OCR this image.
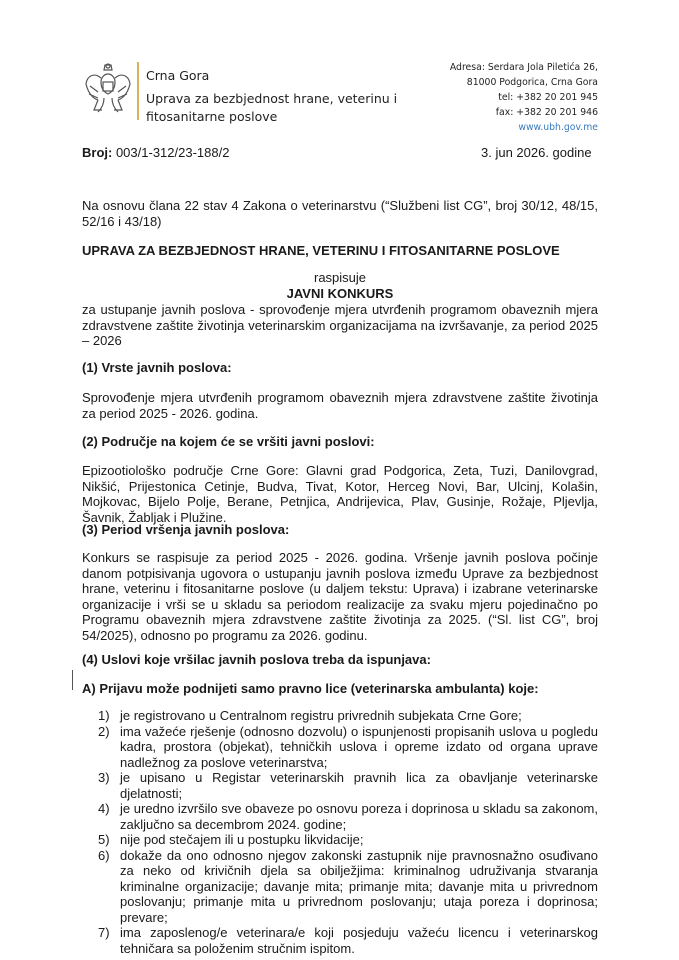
Crna Gora
Uprava za bezbjednost hrane, veterinu i
fitosanitarne poslove
Adresa: Serdara Jola Piletića 26,
81000 Podgorica, Crna Gora
tel: +382 20 201 945
fax: +382 20 201 946
www.ubh.gov.me
Broj: 003/1-312/23-188/2	3. jun 2026. godine
Na osnovu člana 22 stav 4 Zakona o veterinarstvu (“Službeni list CG”, broj 30/12, 48/15, 52/16 i 43/18)
UPRAVA ZA BEZBJEDNOST HRANE, VETERINU I FITOSANITARNE POSLOVE
raspisuje
JAVNI KONKURS
za ustupanje javnih poslova - sprovođenje mjera utvrđenih programom obaveznih mjera zdravstvene zaštite životinja veterinarskim organizacijama na izvršavanje, za period 2025 – 2026
(1) Vrste javnih poslova:
Sprovođenje mjera utvrđenih programom obaveznih mjera zdravstvene zaštite životinja za period 2025 - 2026. godina.
(2) Područje na kojem će se vršiti javni poslovi:
Epizootiološko područje Crne Gore: Glavni grad Podgorica, Zeta, Tuzi, Danilovgrad, Nikšić, Prijestonica Cetinje, Budva, Tivat, Kotor, Herceg Novi, Bar, Ulcinj, Kolašin, Mojkovac, Bijelo Polje, Berane, Petnjica, Andrijevica, Plav, Gusinje, Rožaje, Pljevlja, Šavnik, Žabljak i Plužine.
(3) Period vršenja javnih poslova:
Konkurs se raspisuje za period 2025 - 2026. godina. Vršenje javnih poslova počinje danom potpisivanja ugovora o ustupanju javnih poslova između Uprave za bezbjednost hrane, veterinu i fitosanitarne poslove (u daljem tekstu: Uprava) i izabrane veterinarske organizacije i vrši se u skladu sa periodom realizacije za svaku mjeru pojedinačno po Programu obaveznih mjera zdravstvene zaštite životinja za 2025. (“Sl. list CG”, broj 54/2025), odnosno po programu za 2026. godinu.
(4) Uslovi koje vršilac javnih poslova treba da ispunjava:
A) Prijavu može podnijeti samo pravno lice (veterinarska ambulanta) koje:
1) je registrovano u Centralnom registru privrednih subjekata Crne Gore;
2) ima važeće rješenje (odnosno dozvolu) o ispunjenosti propisanih uslova u pogledu kadra, prostora (objekat), tehničkih uslova i opreme izdato od organa uprave nadležnog za poslove veterinarstva;
3) je upisano u Registar veterinarskih pravnih lica za obavljanje veterinarske djelatnosti;
4) je uredno izvršilo sve obaveze po osnovu poreza i doprinosa u skladu sa zakonom, zaključno sa decembrom 2024. godine;
5) nije pod stečajem ili u postupku likvidacije;
6) dokaže da ono odnosno njegov zakonski zastupnik nije pravnosnažno osuđivano za neko od krivičnih djela sa obilježjima: kriminalnog udruživanja stvaranja kriminalne organizacije; davanje mita; primanje mita; davanje mita u privrednom poslovanju; primanje mita u privrednom poslovanju; utaja poreza i doprinosa; prevare;
7) ima zaposlenog/e veterinara/e koji posjeduju važeću licencu i veterinarskog tehničara sa položenim stručnim ispitom.
